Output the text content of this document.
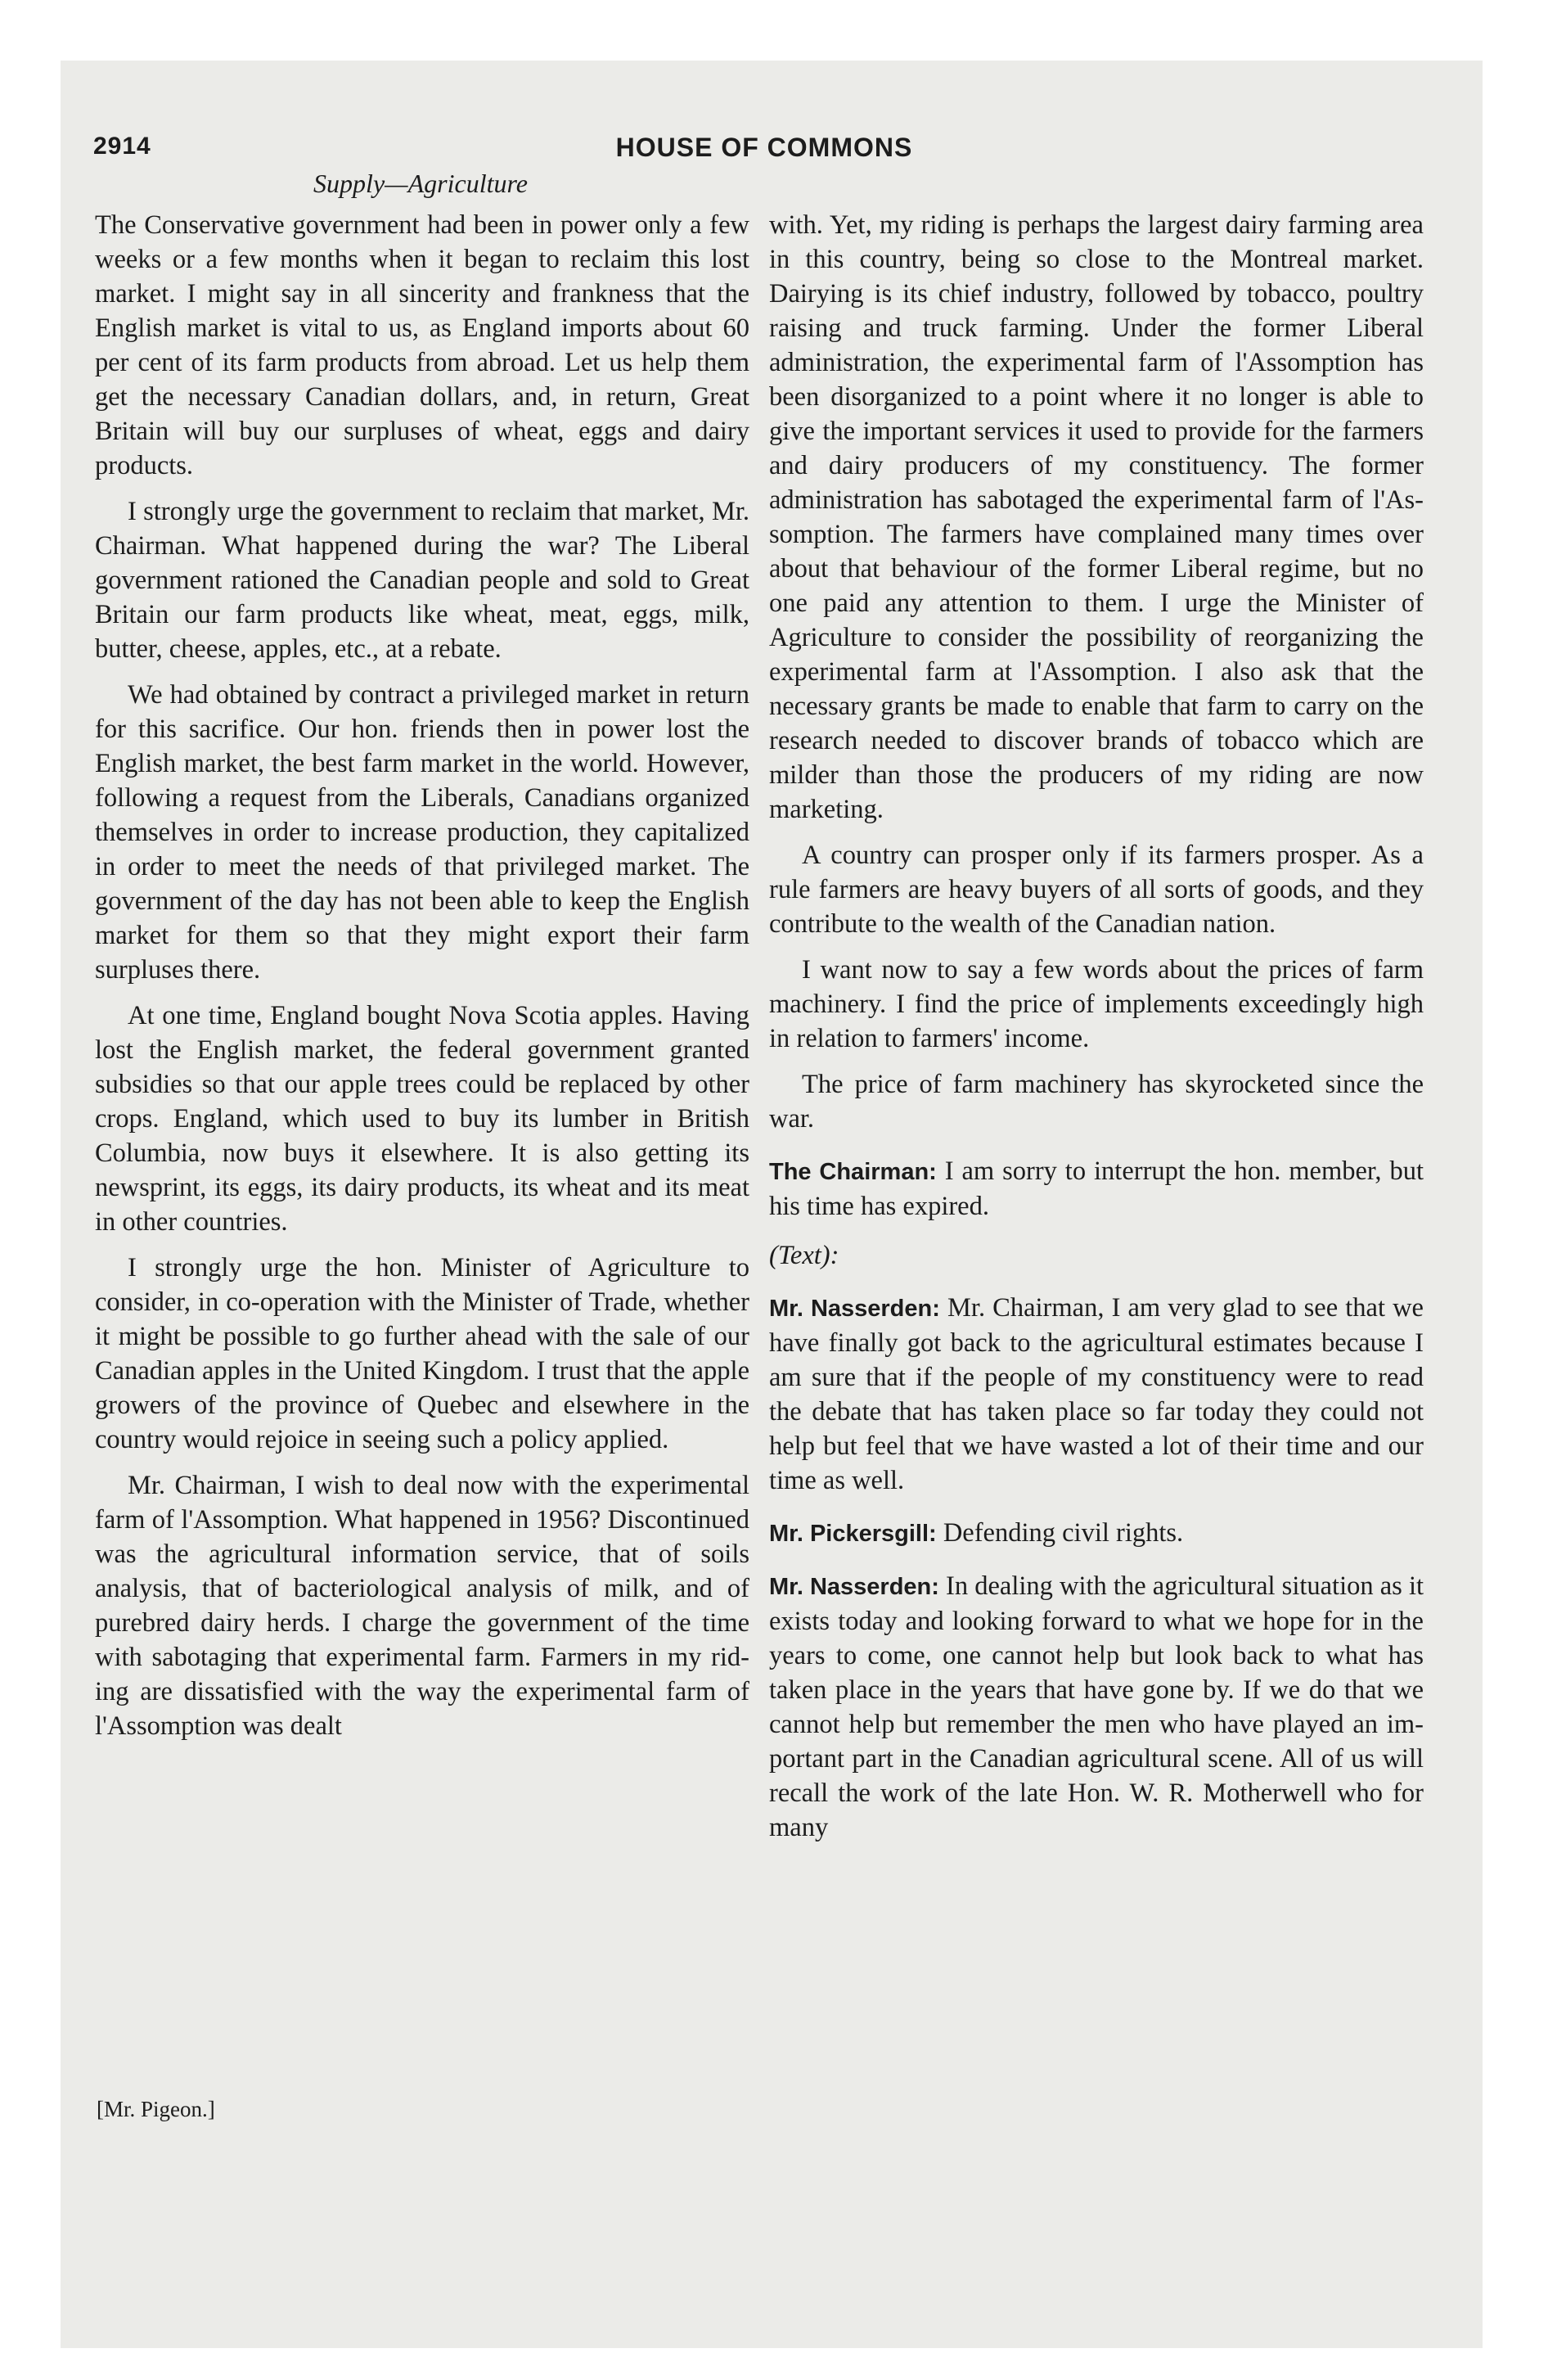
2914	HOUSE OF COMMONS
Supply—Agriculture

The Conservative government had been in power only a few weeks or a few months when it began to reclaim this lost market. I might say in all sincerity and frankness that the English market is vital to us, as England imports about 60 per cent of its farm products from abroad. Let us help them get the necessary Canadian dollars, and, in return, Great Britain will buy our surpluses of wheat, eggs and dairy products.

I strongly urge the government to reclaim that market, Mr. Chairman. What happened during the war? The Liberal government rationed the Canadian people and sold to Great Britain our farm products like wheat, meat, eggs, milk, butter, cheese, apples, etc., at a rebate.

We had obtained by contract a privileged market in return for this sacrifice. Our hon. friends then in power lost the English market, the best farm market in the world. However, following a request from the Liberals, Canadians organized themselves in order to increase production, they capitalized in order to meet the needs of that privileged market. The government of the day has not been able to keep the English market for them so that they might export their farm surpluses there.

At one time, England bought Nova Scotia apples. Having lost the English market, the federal government granted subsidies so that our apple trees could be replaced by other crops. England, which used to buy its lumber in British Columbia, now buys it elsewhere. It is also getting its newsprint, its eggs, its dairy products, its wheat and its meat in other countries.

I strongly urge the hon. Minister of Agriculture to consider, in co-operation with the Minister of Trade, whether it might be possible to go further ahead with the sale of our Canadian apples in the United Kingdom. I trust that the apple growers of the province of Quebec and elsewhere in the country would rejoice in seeing such a policy applied.

Mr. Chairman, I wish to deal now with the experimental farm of l'Assomption. What happened in 1956? Discontinued was the agricultural information service, that of soils analysis, that of bacteriological analysis of milk, and of purebred dairy herds. I charge the government of the time with sabotaging that experimental farm. Farmers in my riding are dissatisfied with the way the experimental farm of l'Assomption was dealt

with. Yet, my riding is perhaps the largest dairy farming area in this country, being so close to the Montreal market. Dairying is its chief industry, followed by tobacco, poultry raising and truck farming. Under the former Liberal administration, the experimental farm of l'Assomption has been disorganized to a point where it no longer is able to give the important services it used to provide for the farmers and dairy producers of my constituency. The former administration has sabotaged the experimental farm of l'Assomption. The farmers have complained many times over about that behaviour of the former Liberal regime, but no one paid any attention to them. I urge the Minister of Agriculture to consider the possibility of reorganizing the experimental farm at l'Assomption. I also ask that the necessary grants be made to enable that farm to carry on the research needed to discover brands of tobacco which are milder than those the producers of my riding are now marketing.

A country can prosper only if its farmers prosper. As a rule farmers are heavy buyers of all sorts of goods, and they contribute to the wealth of the Canadian nation.

I want now to say a few words about the prices of farm machinery. I find the price of implements exceedingly high in relation to farmers' income.

The price of farm machinery has skyrocketed since the war.

The Chairman: I am sorry to interrupt the hon. member, but his time has expired.

(Text):

Mr. Nasserden: Mr. Chairman, I am very glad to see that we have finally got back to the agricultural estimates because I am sure that if the people of my constituency were to read the debate that has taken place so far today they could not help but feel that we have wasted a lot of their time and our time as well.

Mr. Pickersgill: Defending civil rights.

Mr. Nasserden: In dealing with the agricultural situation as it exists today and looking forward to what we hope for in the years to come, one cannot help but look back to what has taken place in the years that have gone by. If we do that we cannot help but remember the men who have played an important part in the Canadian agricultural scene. All of us will recall the work of the late Hon. W. R. Motherwell who for many

[Mr. Pigeon.]
